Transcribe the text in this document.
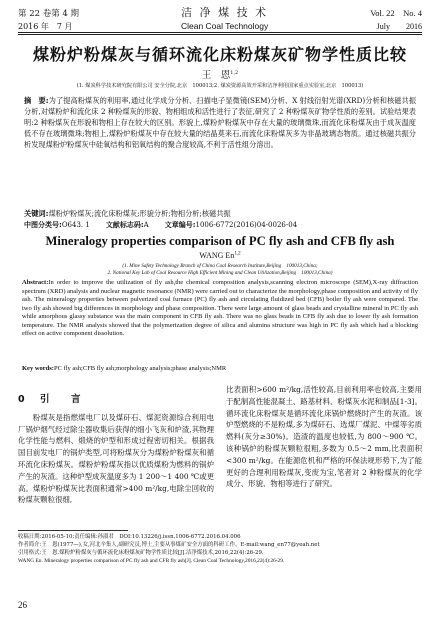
第 22 卷第 4 期	洁 净 煤 技 术	Vol. 22　No. 4
2016 年　7 月	Clean Coal Technology	July　　2016
煤粉炉粉煤灰与循环流化床粉煤灰矿物学性质比较
王　恩$^{1,2}$
(1. 煤炭科学技术研究院有限公司 安全分院,北京　100013;2. 煤炭资源高效开采和洁净利用国家重点实验室,北京　100013)
摘　要:为了提高粉煤灰的利用率,通过化学成分分析、扫描电子显微镜(SEM)分析、X 射线衍射光谱(XRD)分析和核磁共振分析,对煤粉炉和流化床 2 种粉煤灰的形貌、物相组成和活性进行了表征,研究了 2 种粉煤灰矿物学性质的差别。试验结果表明:2 种粉煤灰在形貌和物相上存在较大的区别。形貌上,煤粉炉粉煤灰中存在大量的玻璃微珠,而流化床粉煤灰由于成灰温度低不存在玻璃微珠;物相上,煤粉炉粉煤灰中存在较大量的结晶莫来石,而流化床粉煤灰多为非晶玻璃态物质。通过核磁共振分析发现煤粉炉粉煤灰中硅氧结构和铝氧结构的聚合度较高,不利于活性组分溶出。
关键词:煤粉炉粉煤灰;流化床粉煤灰;形貌分析;物相分析;核磁共振
中图分类号:O643. 1 文献标志码:A 文章编号:1006-6772(2016)04-0026-04
Mineralogy properties comparison of PC fly ash and CFB fly ash
WANG En$^{1,2}$
(1. Mine Safety Technology Branch of China Coal Research Institute,Beijing　100013,China;
2. National Key Lab of Coal Resource High Efficient Mining and Clean Utilization,Beijing　100013,China)
Abstract:In order to improve the utilization of fly ash,the chemical composition analysis,scanning electron microscope (SEM),X-ray diffraction spectrum (XRD) analysis and nuclear magnetic resonance (NMR) were carried out to characterize the morphology,phase composition and activity of fly ash. The mineralogy properties between pulverized coal furnace (PC) fly ash and circulating fluidized bed (CFB) boiler fly ash were compared. The two fly ash showed big differences in morphology and phase composition. There were large amount of glass beads and crystalline mineral in PC fly ash while amorphous glassy substance was the main component in CFB fly ash. There was no glass beads in CFB fly ash due to lower fly ash formation temperature. The NMR analysis showed that the polymerization degree of silica and alumina structure was high in PC fly ash which had a blocking effect on active component dissolution.
Key words:PC fly ash;CFB fly ash;morphology analysis;phase analysis;NMR
0 引　言

粉煤灰是指燃煤电厂以及煤矸石、煤泥资源综合利用电厂锅炉烟气经过除尘器收集后获得的细小飞灰和炉渣,其物理化学性能与燃料、煅烧的炉型和形成过程密切相关。根据我国目前发电厂的锅炉类型,可将粉煤灰分为煤粉炉粉煤灰和循环流化床粉煤灰。煤粉炉粉煤灰指以优质煤粉为燃料的锅炉产生的灰渣。这种炉型成灰温度多为 1 200～1 400 ℃或更高。煤粉炉粉煤灰比表面积通常>400 m²/kg,电除尘回收的粉煤灰颗粒很细,

比表面积>600 m²/kg,活性较高,目前利用率也较高,主要用于配制高性能混凝土、路基材料、粉煤灰水泥和制品[1-3]。循环流化床粉煤灰是循环流化床锅炉燃烧时产生的灰渣。该炉型燃烧的不是粉煤,多为煤矸石、选煤厂煤泥、中煤等劣质燃料(灰分≥30%)。造渣的温度也较低,为 800～900 ℃。该种锅炉的粉煤灰颗粒很粗,多数为 0.5～2 mm,比表面积<300 m²/kg。在能源危机和严格的环保法规形势下,为了能更好的合理利用粉煤灰,变废为宝,笔者对 2 种粉煤灰的化学成分、形貌、物相等进行了研究。

收稿日期:2016-05-10;责任编辑:孙淑君　DOI:10.13226/j.issn.1006-6772.2016.04.006
作者简介:王　恩(1977—),女,河北辛集人,副研究员,博士,主要从事煤矿安全方面的科研工作。E-mail:wang_en77@yeah.net
引用格式:王　恩.煤粉炉粉煤灰与循环流化床粉煤灰矿物学性质比较[J].洁净煤技术,2016,22(4):26-29.
WANG En. Mineralogy properties comparison of PC fly ash and CFB fly ash[J]. Clean Coal Technology,2016,22(4):26-29.
26
